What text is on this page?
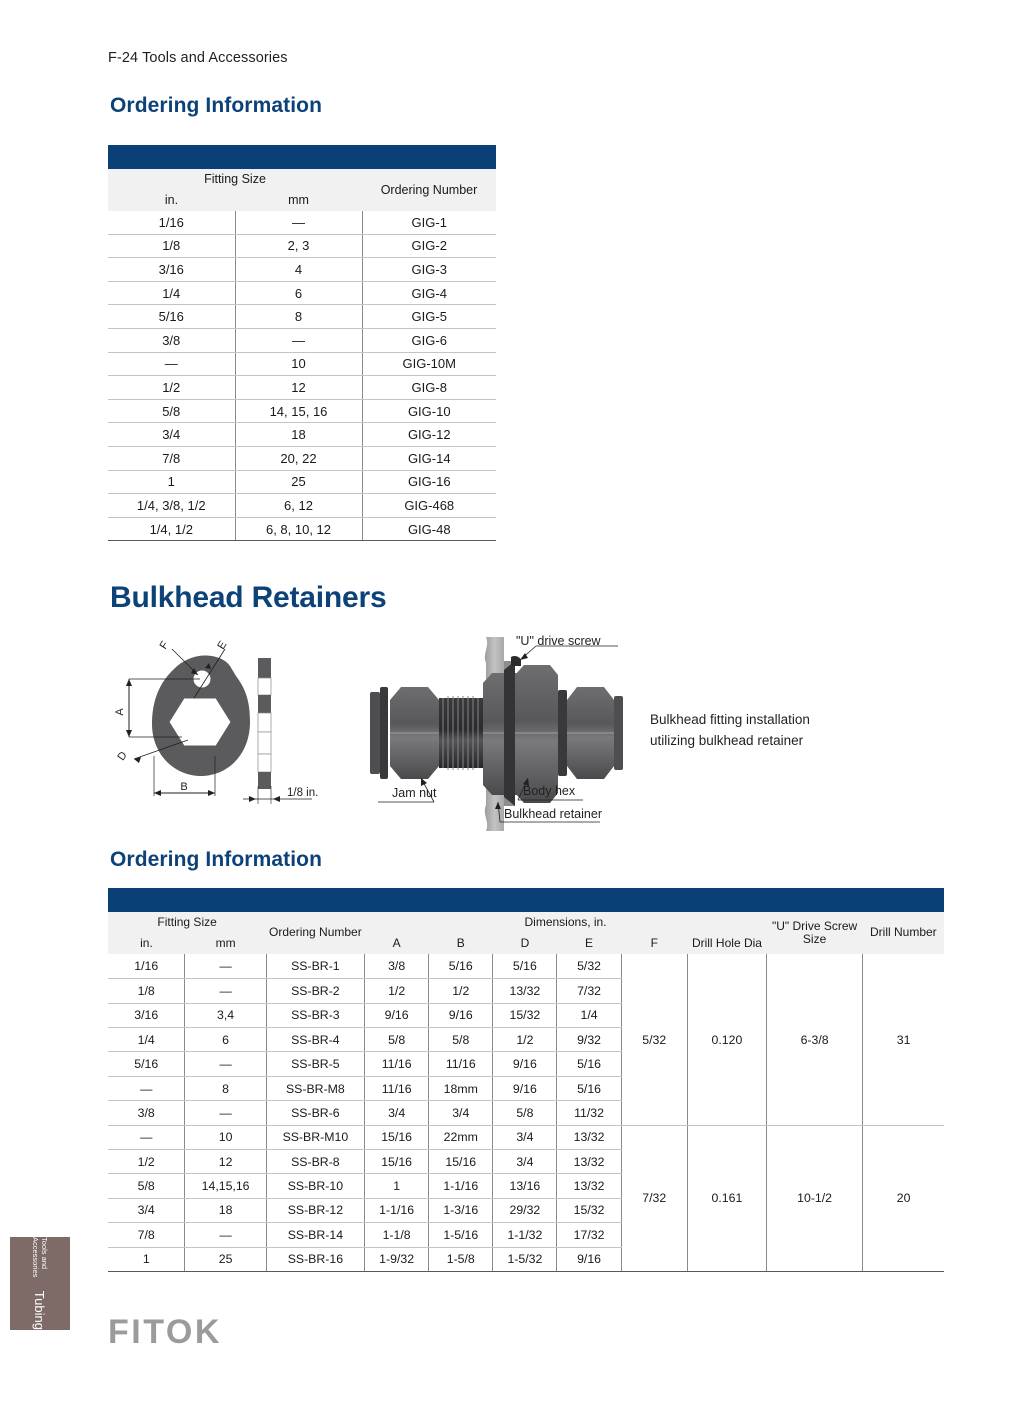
F-24 Tools and Accessories
Ordering Information

Fitting Size		Ordering Number
in.	mm	
1/16	—	GIG-1
1/8	2, 3	GIG-2
3/16	4	GIG-3
1/4	6	GIG-4
5/16	8	GIG-5
3/8	—	GIG-6
—	10	GIG-10M
1/2	12	GIG-8
5/8	14, 15, 16	GIG-10
3/4	18	GIG-12
7/8	20, 22	GIG-14
1	25	GIG-16
1/4, 3/8, 1/2	6, 12	GIG-468
1/4, 1/2	6, 8, 10, 12	GIG-48
Bulkhead Retainers
A
B
D
F	E
1/8 in.
"U" drive screw
Jam nut	Body hex
Bulkhead retainer
Bulkhead fitting installation
utilizing bulkhead retainer
Ordering Information

Fitting Size		Ordering Number	Dimensions, in.						"U" Drive Screw Size	Drill Number
in.	mm		A	B	D	E	F	Drill Hole Dia		
1/16	—	SS-BR-1	3/8	5/16	5/16	5/32	5/32	0.120	6-3/8	31
1/8	—	SS-BR-2	1/2	1/2	13/32	7/32				
3/16	3,4	SS-BR-3	9/16	9/16	15/32	1/4				
1/4	6	SS-BR-4	5/8	5/8	1/2	9/32				
5/16	—	SS-BR-5	11/16	11/16	9/16	5/16				
—	8	SS-BR-M8	11/16	18mm	9/16	5/16				
3/8	—	SS-BR-6	3/4	3/4	5/8	11/32				
—	10	SS-BR-M10	15/16	22mm	3/4	13/32	7/32	0.161	10-1/2	20
1/2	12	SS-BR-8	15/16	15/16	3/4	13/32				
5/8	14,15,16	SS-BR-10	1	1-1/16	13/16	13/32				
3/4	18	SS-BR-12	1-1/16	1-3/16	29/32	15/32				
7/8	—	SS-BR-14	1-1/8	1-5/16	1-1/32	17/32				
1	25	SS-BR-16	1-9/32	1-5/8	1-5/32	9/16				
Tubing
Tools and Accessories
FITOK
